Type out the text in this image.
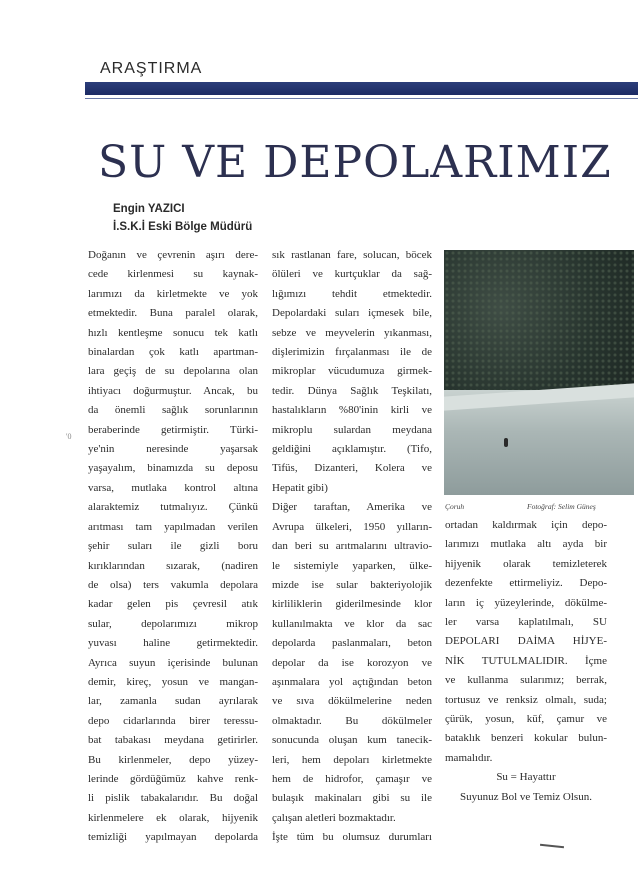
ARAŞTIRMA
SU VE DEPOLARIMIZ
Engin YAZICI
İ.S.K.İ Eski Bölge Müdürü
'0
Doğanın ve çevrenin aşırı dere-
cede kirlenmesi su kaynak-
larımızı da kirletmekte ve yok
etmektedir. Buna paralel olarak,
hızlı kentleşme sonucu tek katlı
binalardan çok katlı apartman-
lara geçiş de su depolarına olan
ihtiyacı doğurmuştur. Ancak, bu
da önemli sağlık sorunlarının
beraberinde getirmiştir. Türki-
ye'nin neresinde yaşarsak
yaşayalım, binamızda su deposu
varsa, mutlaka kontrol altına
alaraktemiz tutmalıyız. Çünkü
arıtması tam yapılmadan verilen
şehir suları ile gizli boru
kırıklarından sızarak, (nadiren
de olsa) ters vakumla depolara
kadar gelen pis çevresil atık
sular, depolarımızı mikrop
yuvası haline getirmektedir.
Ayrıca suyun içerisinde bulunan
demir, kireç, yosun ve mangan-
lar, zamanla sudan ayrılarak
depo cidarlarında birer teressu-
bat tabakası meydana getirirler.
Bu kirlenmeler, depo yüzey-
lerinde gördüğümüz kahve renk-
li pislik tabakalarıdır. Bu doğal
kirlenmelere ek olarak, hijyenik
temizliği yapılmayan depolarda
sık rastlanan fare, solucan, böcek
ölüleri ve kurtçuklar da sağ-
lığımızı tehdit etmektedir.
Depolardaki suları içmesek bile,
sebze ve meyvelerin yıkanması,
dişlerimizin fırçalanması ile de
mikroplar vücudumuza girmek-
tedir. Dünya Sağlık Teşkilatı,
hastalıkların %80'inin kirli ve
mikroplu sulardan meydana
geldiğini açıklamıştır. (Tifo,
Tifüs, Dizanteri, Kolera ve
Hepatit gibi)
Diğer taraftan, Amerika ve
Avrupa ülkeleri, 1950 yılların-
dan beri su arıtmalarını ultravio-
le sistemiyle yaparken, ülke-
mizde ise sular bakteriyolojik
kirliliklerin giderilmesinde klor
kullanılmakta ve klor da sac
depolarda paslanmaları, beton
depolar da ise korozyon ve
aşınmalara yol açtığından beton
ve sıva dökülmelerine neden
olmaktadır. Bu dökülmeler
sonucunda oluşan kum tanecik-
leri, hem depoları kirletmekte
hem de hidrofor, çamaşır ve
bulaşık makinaları gibi su ile
çalışan aletleri bozmaktadır.
İşte tüm bu olumsuz durumları
Çoruh	Fotoğraf: Selim Güneş
ortadan kaldırmak için depo-
larımızı mutlaka altı ayda bir
hijyenik olarak temizleterek
dezenfekte ettirmeliyiz. Depo-
ların iç yüzeylerinde, dökülme-
ler varsa kaplatılmalı, SU
DEPOLARI DAİMA HİJYE-
NİK TUTULMALIDIR. İçme
ve kullanma sularımız; berrak,
tortusuz ve renksiz olmalı, suda;
çürük, yosun, küf, çamur ve
bataklık benzeri kokular bulun-
mamalıdır.
Su = Hayattır
Suyunuz Bol ve Temiz Olsun.
